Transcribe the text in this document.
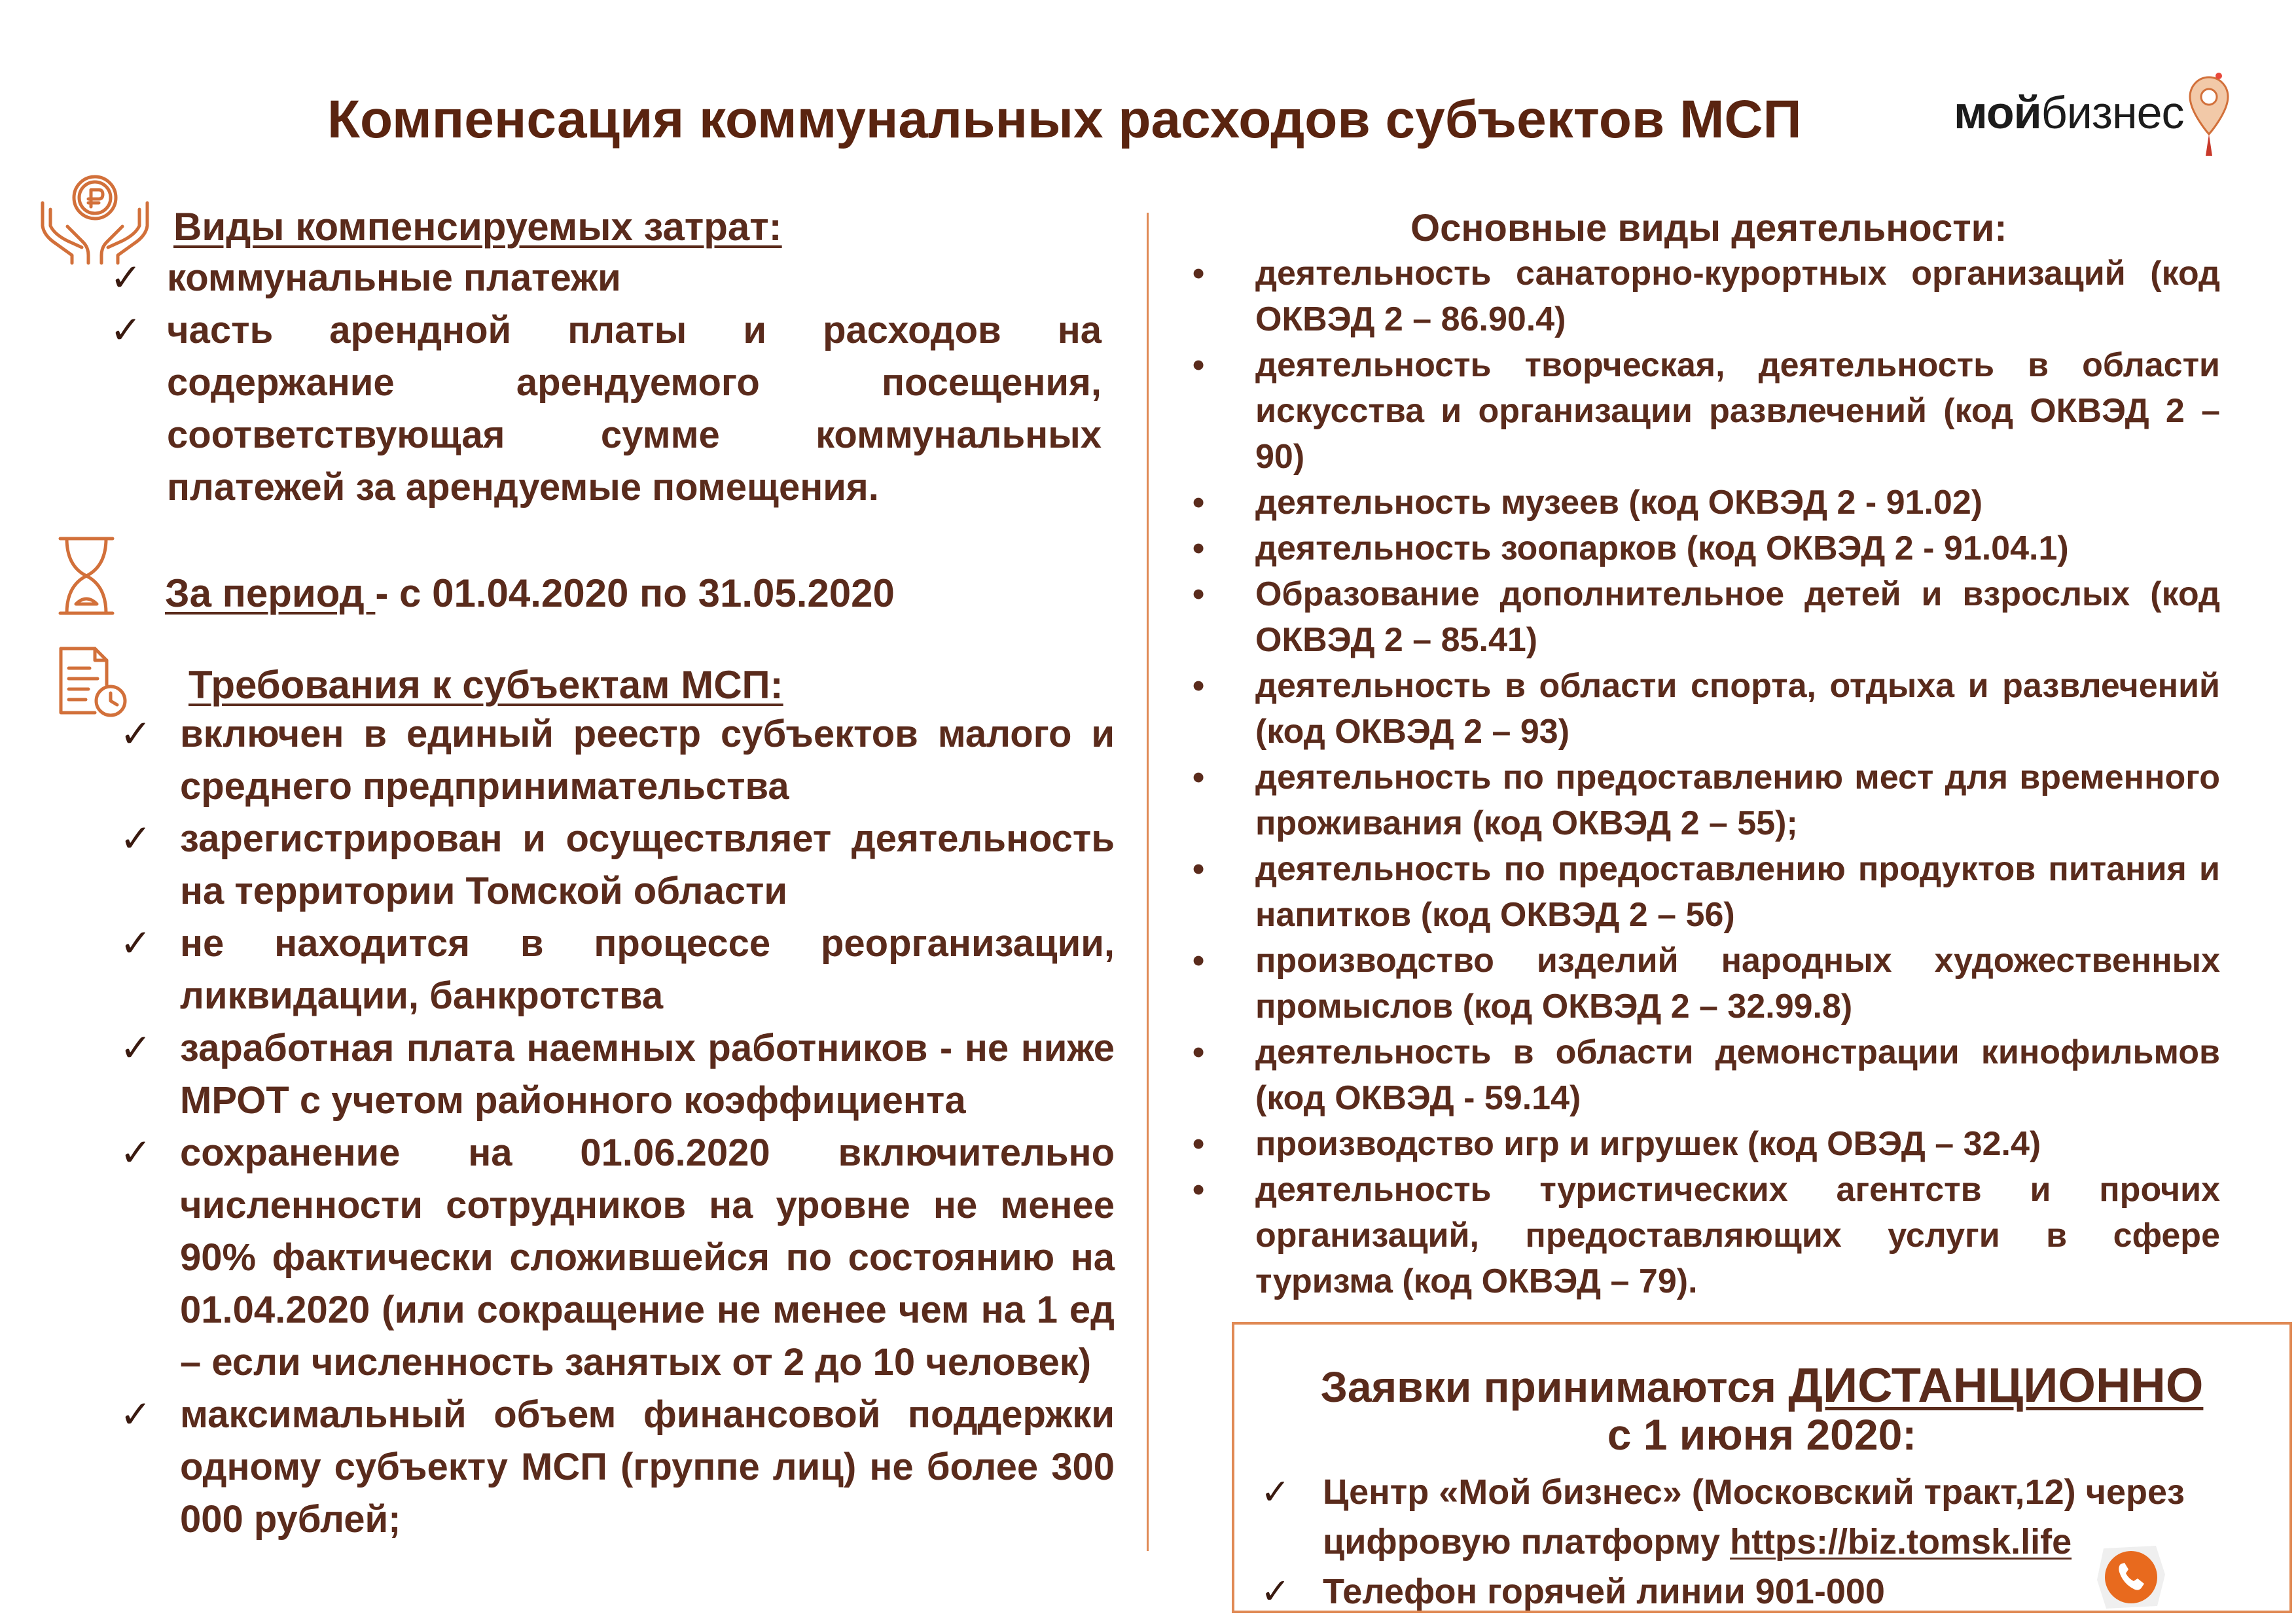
Компенсация коммунальных расходов субъектов МСП	мойбизнес
Виды компенсируемых затрат:
✓ коммунальные платежи
✓ часть арендной платы и расходов на содержание арендуемого посещения, соответствующая сумме коммунальных платежей за арендуемые помещения.
За период - с 01.04.2020 по 31.05.2020
Требования к субъектам МСП:
✓ включен в единый реестр субъектов малого и среднего предпринимательства
✓ зарегистрирован и осуществляет деятельность на территории Томской области
✓ не находится в процессе реорганизации, ликвидации, банкротства
✓ заработная плата наемных работников - не ниже МРОТ с учетом районного коэффициента
✓ сохранение на 01.06.2020 включительно численности сотрудников на уровне не менее 90% фактически сложившейся по состоянию на 01.04.2020 (или сокращение не менее чем на 1 ед – если численность занятых от 2 до 10 человек)
✓ максимальный объем финансовой поддержки одному субъекту МСП (группе лиц) не более 300 000 рублей;
Основные виды деятельности:
• деятельность санаторно-курортных организаций (код ОКВЭД 2 – 86.90.4)
• деятельность творческая, деятельность в области искусства и организации развлечений (код ОКВЭД 2 – 90)
• деятельность музеев (код ОКВЭД 2 - 91.02)
• деятельность зоопарков (код ОКВЭД 2 - 91.04.1)
• Образование дополнительное детей и взрослых (код ОКВЭД 2 – 85.41)
• деятельность в области спорта, отдыха и развлечений (код ОКВЭД 2 – 93)
• деятельность по предоставлению мест для временного проживания (код ОКВЭД 2 – 55);
• деятельность по предоставлению продуктов питания и напитков (код ОКВЭД 2 – 56)
• производство изделий народных художественных промыслов (код ОКВЭД 2 – 32.99.8)
• деятельность в области демонстрации кинофильмов (код ОКВЭД - 59.14)
• производство игр и игрушек (код ОВЭД – 32.4)
• деятельность туристических агентств и прочих организаций, предоставляющих услуги в сфере туризма (код ОКВЭД – 79).
Заявки принимаются ДИСТАНЦИОННО
с 1 июня 2020:
✓ Центр «Мой бизнес» (Московский тракт,12) через цифровую платформу https://biz.tomsk.life
✓ Телефон горячей линии 901-000
